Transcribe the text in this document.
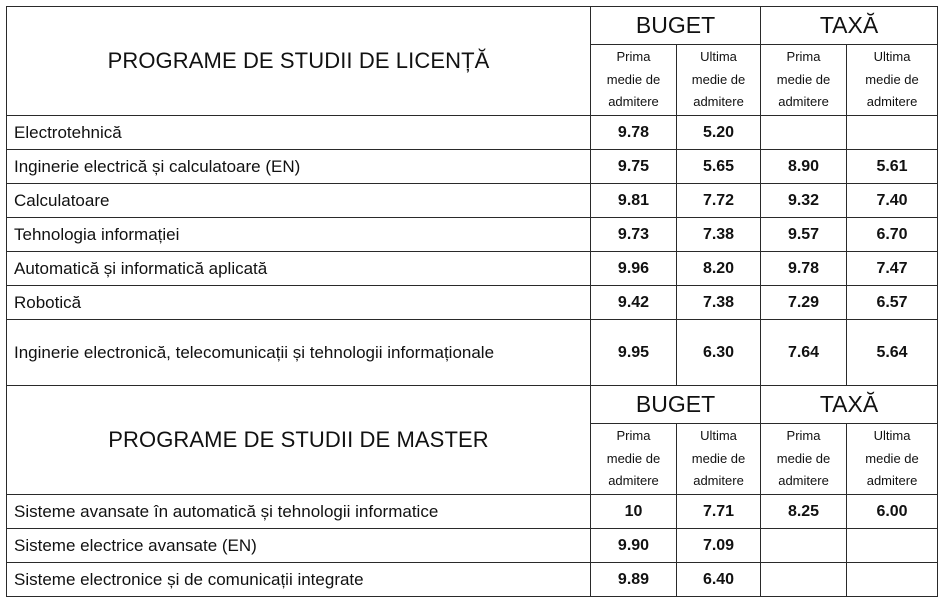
PROGRAME DE STUDII DE LICENȚĂ	BUGET		TAXĂ	

	Prima
medie de
admitere	Ultima
medie de
admitere	Prima
medie de
admitere	Ultima
medie de
admitere

Electrotehnică	9.78	5.20		
Inginerie electrică și calculatoare (EN)	9.75	5.65	8.90	5.61
Calculatoare	9.81	7.72	9.32	7.40
Tehnologia informației	9.73	7.38	9.57	6.70
Automatică și informatică aplicată	9.96	8.20	9.78	7.47
Robotică	9.42	7.38	7.29	6.57
Inginerie electronică, telecomunicații și tehnologii informaționale	9.95	6.30	7.64	5.64
PROGRAME DE STUDII DE MASTER	BUGET		TAXĂ	

	Prima
medie de
admitere	Ultima
medie de
admitere	Prima
medie de
admitere	Ultima
medie de
admitere

Sisteme avansate în automatică și tehnologii informatice	10	7.71	8.25	6.00
Sisteme electrice avansate (EN)	9.90	7.09		
Sisteme electronice și de comunicații integrate	9.89	6.40		
